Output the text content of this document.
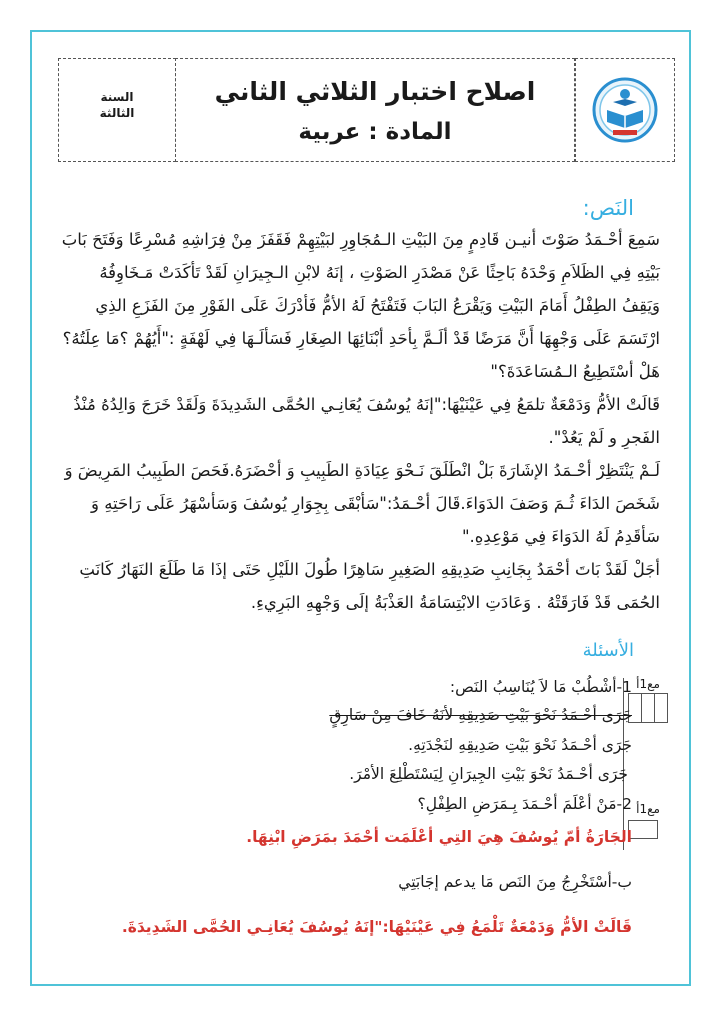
السنة
الثالثة
اصلاح اختبار الثلاثي الثاني
المادة : عربية
النَص:

سَمِعَ أحْـمَدُ صَوْتَ أنيـن قَادِمٍ مِنَ البَيْتِ الـمُجَاوِرِ لبَيْتِهِمْ فَقَفَزَ مِنْ فِرَاشِهِ مُسْرِعًا وَفَتَحَ بَابَ بَيْتِهِ فِي الظَلاَمِ وَحْدَهُ بَاحِثًا عَنْ مَصْدَرِ الصَوْتِ ، إنَهُ لابْنِ الـجِيرَانِ لَقَدْ تَأكَدَتْ مَـخَاوِفُهُ وَيَقِفُ الطِفْلُ أَمَامَ البَيْتِ وَيَقْرَعُ البَابَ فَتَفْتَحُ لَهُ الأمُّ فَأدْرَكَ عَلَى الفَوْرِ مِنَ الفَزَعِ الذِي ارْتَسَمَ عَلَى وَجْهِهَا أَنَّ مَرَضًا قَدْ ألَـمَّ بِأحَدِ أبْنَائِهَا الصِغَارِ فَسَألَـهَا فِي لَهْفَةٍ :"أَيُهُمْ ؟مَا عِلَتُهُ؟ هَلْ أسْتَطِيعُ الـمُسَاعَدَةَ؟"

قَالَتْ الأمُّ وَدَمْعَةٌ تلمَعُ فِي عَيْنَيْهَا:"إنَهُ يُوسُفَ يُعَانِـي الحُمَّى الشَدِيدَةَ وَلَقَدْ خَرَجَ وَالِدُهُ مُنْذُ الفَجرِ و لَمْ يَعُدْ".

لَـمْ يَنْتَظِرْ أحْـمَدُ الإشَارَةَ بَلْ انْطَلَقَ نَـحْوَ عِيَادَةِ الطَبِيبِ وَ أحْضَرَهُ.فَحَصَ الطَبِيبُ المَرِيضَ وَ شَخَصَ الدَاءَ ثُـمَ وَصَفَ الدَوَاءَ.قَالَ أحْـمَدُ:"سَأبْقَى بِجِوَارِ يُوسُفَ وَسَأسْهَرُ عَلَى رَاحَتِهِ وَ سَأقَدِمُ لَهُ الدَوَاءَ فِي مَوْعِدِهِ."

أجَلْ لَقَدْ بَاتَ أحْمَدُ بِجَانِبِ صَدِيقِهِ الصَغِيرِ سَاهِرًا طُولَ اللَيْلِ حَتَى إذَا مَا طَلَعَ النَهَارُ كَانَتِ الحُمَى قَدْ فَارَقَتْهُ . وَعَادَتِ الابْتِسَامَةُ العَذْبَةُ إلَى وَجْهِهِ البَرِيءِ.

الأسئلة
مع1أ
مع1أ
1-أشْطُبْ مَا لاَ يُنَاسِبُ النَص:
جَرَى أحْـمَدُ نَحْوَ بَيْتِ صَدِيقِهِ لأنَهُ خَافَ مِنْ سَارِقٍ
جَرَى أحْـمَدُ نَحْوَ بَيْتِ صَدِيقِهِ لنَجْدَتِهِ.
جَرَى أحْـمَدُ نَحْوَ بَيْتِ الجِيرَانِ لِيَسْتَطْلِعَ الأمْرَ.
2-مَنْ أعْلَمَ أحْـمَدَ بِـمَرَضِ الطِفْلِ؟
الجَارَةُ أمّ يُوسُفَ هِيَ التِي أعْلَمَت أحْمَدَ بمَرَضِ ابْنِهَا.
ب-أسْتَخْرِجُ مِنَ النَص مَا يدعم إجَابَتِي
قَالَتْ الأمُّ وَدَمْعَةٌ تَلْمَعُ فِي عَيْنَيْهَا:"إنَهُ يُوسُفَ يُعَانِـي الحُمَّى الشَدِيدَةَ.
